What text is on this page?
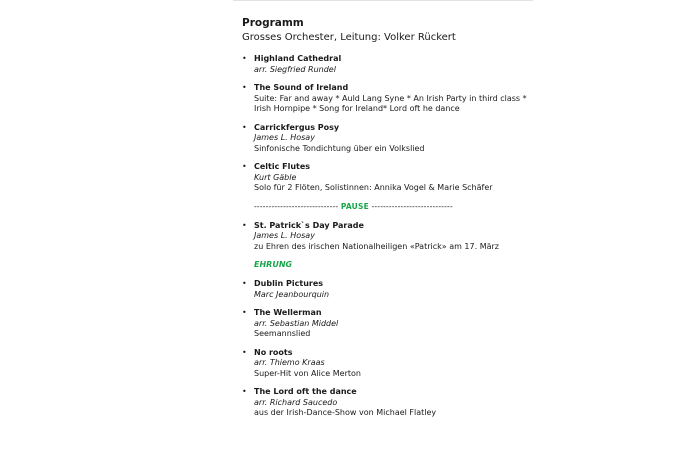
Programm
Grosses Orchester, Leitung: Volker Rückert
• Highland Cathedral
arr. Siegfried Rundel
• The Sound of Ireland
Suite: Far and away * Auld Lang Syne * An Irish Party in third class * Irish Hornpipe * Song for Ireland* Lord oft he dance
• Carrickfergus Posy
James L. Hosay
Sinfonische Tondichtung über ein Volkslied
• Celtic Flutes
Kurt Gäble
Solo für 2 Flöten, Solistinnen: Annika Vogel & Marie Schäfer
----------------------------- PAUSE ----------------------------
• St. Patrick`s Day Parade
James L. Hosay
zu Ehren des irischen Nationalheiligen «Patrick» am 17. März
EHRUNG
• Dublin Pictures
Marc Jeanbourquin
• The Wellerman
arr. Sebastian Middel
Seemannslied
• No roots
arr. Thiemo Kraas
Super-Hit von Alice Merton
• The Lord oft the dance
arr. Richard Saucedo
aus der Irish-Dance-Show von Michael Flatley
